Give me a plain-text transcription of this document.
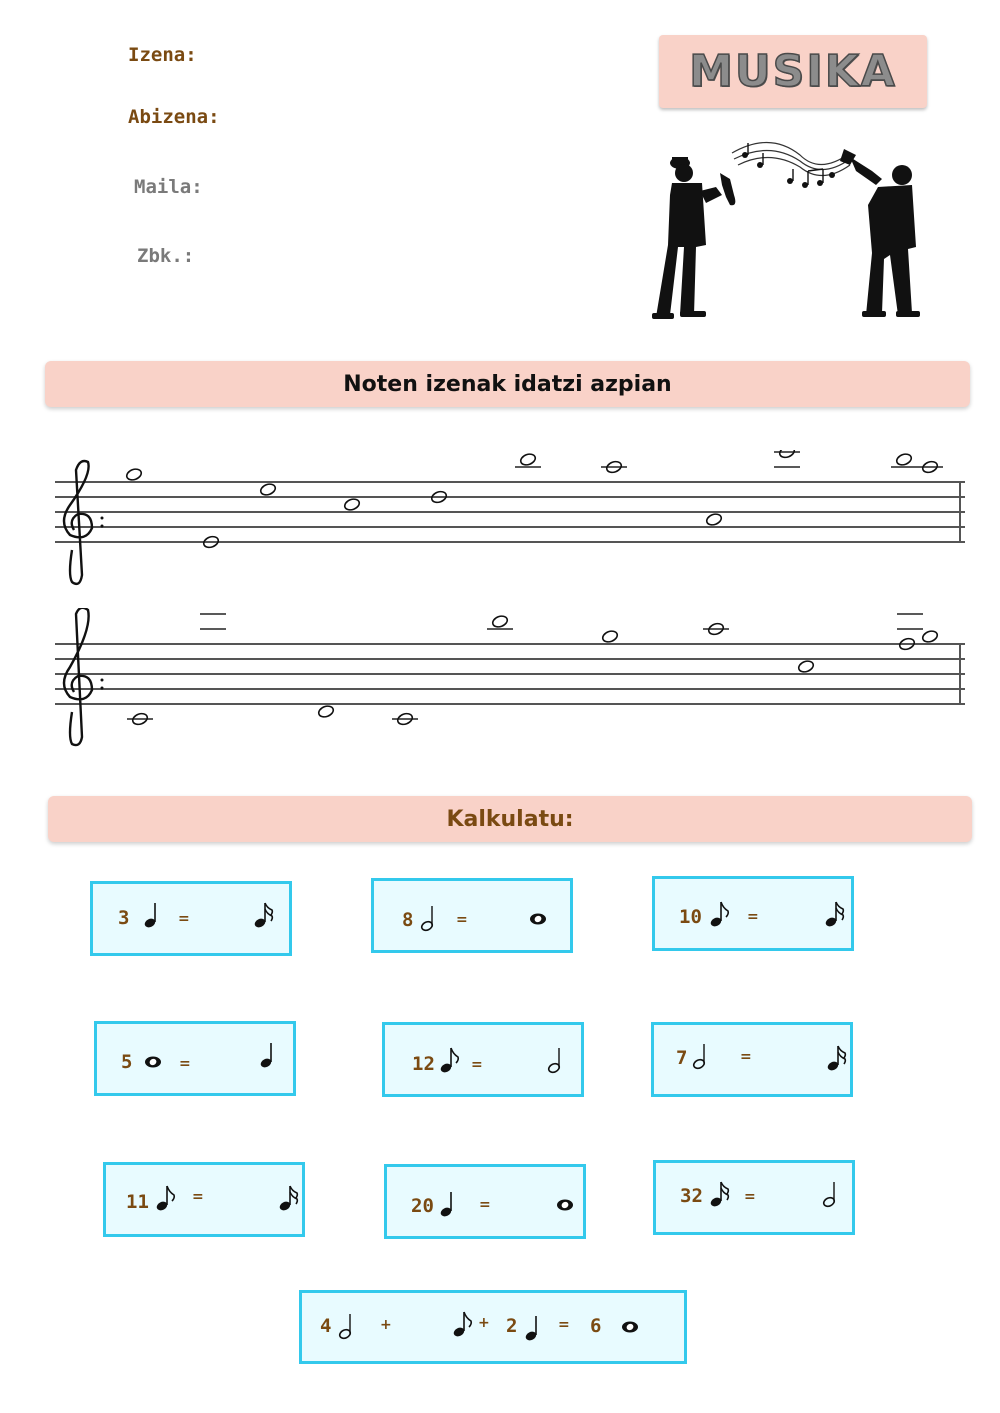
Izena:
Abizena:
Maila:
Zbk.:
MUSIKA
Noten izenak idatzi azpian
Kalkulatu:
3	=	8	=	10	=
5	=	12	=	7	=
11	=	20	=	32	=
4	+	+ 2	= 6
